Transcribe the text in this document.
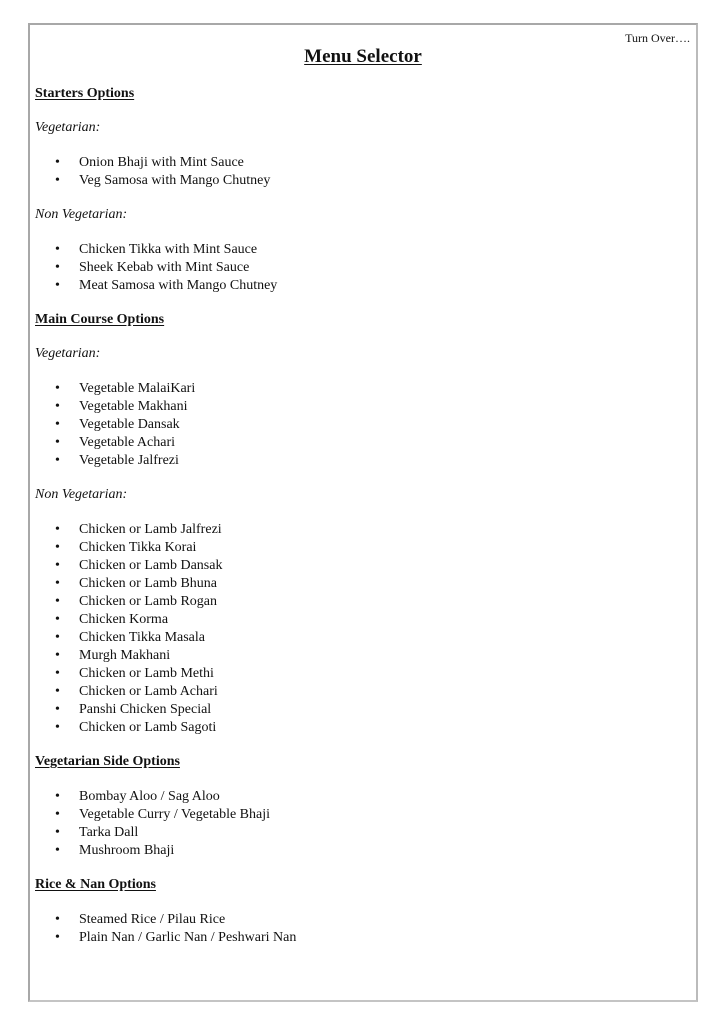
Turn Over….
Menu Selector
Starters Options
Vegetarian:
• Onion Bhaji with Mint Sauce
• Veg Samosa with Mango Chutney
Non Vegetarian:
• Chicken Tikka with Mint Sauce
• Sheek Kebab with Mint Sauce
• Meat Samosa with Mango Chutney
Main Course Options
Vegetarian:
• Vegetable MalaiKari
• Vegetable Makhani
• Vegetable Dansak
• Vegetable Achari
• Vegetable Jalfrezi
Non Vegetarian:
• Chicken or Lamb Jalfrezi
• Chicken Tikka Korai
• Chicken or Lamb Dansak
• Chicken or Lamb Bhuna
• Chicken or Lamb Rogan
• Chicken Korma
• Chicken Tikka Masala
• Murgh Makhani
• Chicken or Lamb Methi
• Chicken or Lamb Achari
• Panshi Chicken Special
• Chicken or Lamb Sagoti
Vegetarian Side Options
• Bombay Aloo / Sag Aloo
• Vegetable Curry / Vegetable Bhaji
• Tarka Dall
• Mushroom Bhaji
Rice & Nan Options
• Steamed Rice / Pilau Rice
• Plain Nan / Garlic Nan / Peshwari Nan
